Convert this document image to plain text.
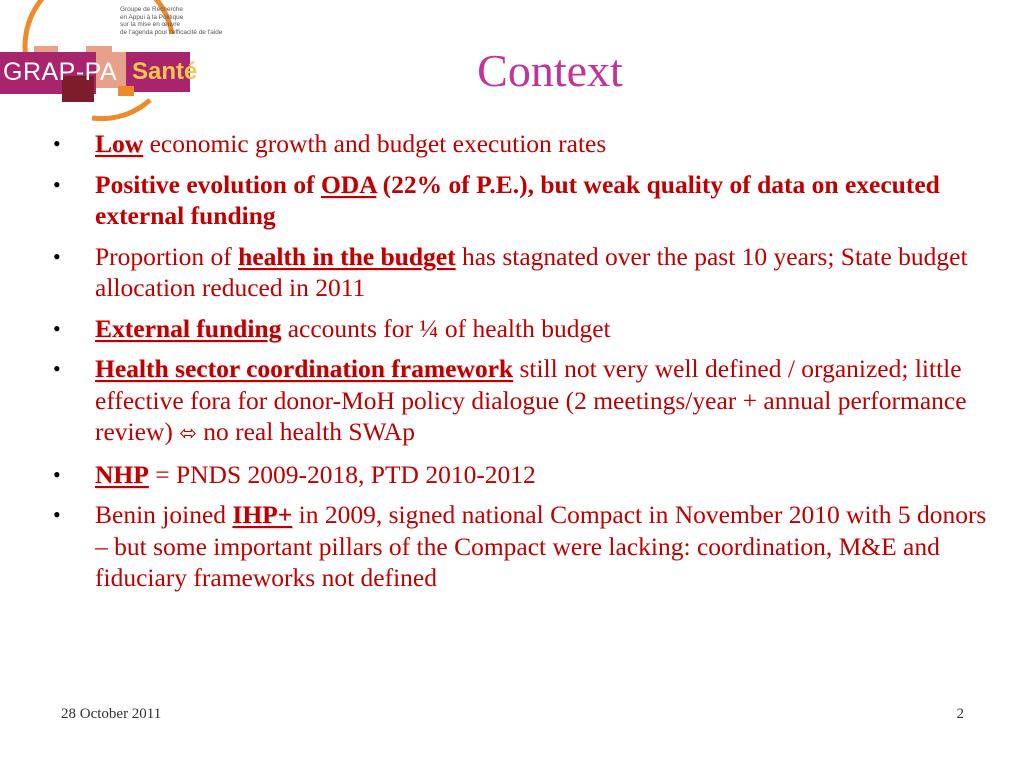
Groupe de Recherche
en Appui à la Politique
sur la mise en œuvre
de l'agenda pour l'efficacité de l'aide
GRAP-PA Santé	Context
• Low economic growth and budget execution rates
• Positive evolution of ODA (22% of P.E.), but weak quality of data on executed external funding
• Proportion of health in the budget has stagnated over the past 10 years; State budget allocation reduced in 2011
• External funding accounts for ¼ of health budget
• Health sector coordination framework still not very well defined / organized; little effective fora for donor-MoH policy dialogue (2 meetings/year + annual performance review) ⬄ no real health SWAp
• NHP = PNDS 2009-2018, PTD 2010-2012
• Benin joined IHP+ in 2009, signed national Compact in November 2010 with 5 donors – but some important pillars of the Compact were lacking: coordination, M&E and fiduciary frameworks not defined
28 October 2011	2
